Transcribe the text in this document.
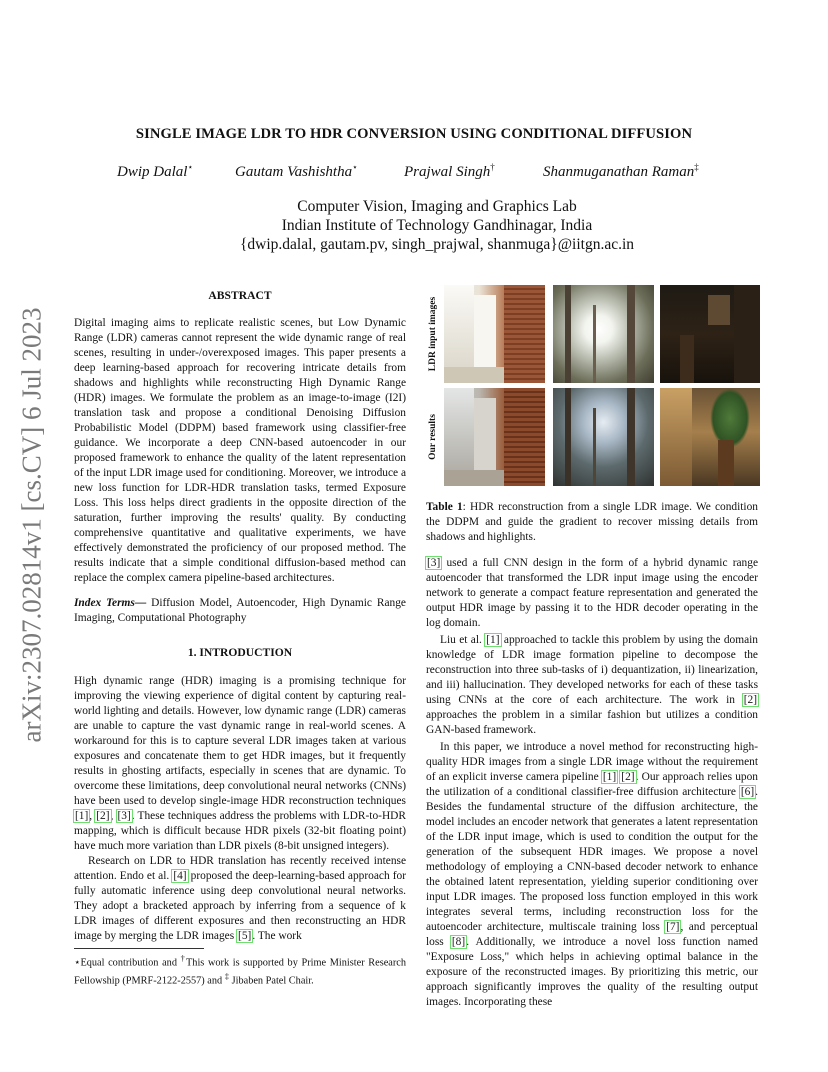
SINGLE IMAGE LDR TO HDR CONVERSION USING CONDITIONAL DIFFUSION
Dwip Dalal⋆	Gautam Vashishtha⋆	Prajwal Singh†	Shanmuganathan Raman‡
Computer Vision, Imaging and Graphics Lab
Indian Institute of Technology Gandhinagar, India
{dwip.dalal, gautam.pv, singh_prajwal, shanmuga}@iitgn.ac.in
arXiv:2307.02814v1 [cs.CV] 6 Jul 2023
ABSTRACT

Digital imaging aims to replicate realistic scenes, but Low Dynamic Range (LDR) cameras cannot represent the wide dynamic range of real scenes, resulting in under-/overexposed images. This paper presents a deep learning-based approach for recovering intricate details from shadows and highlights while reconstructing High Dynamic Range (HDR) images. We formulate the problem as an image-to-image (I2I) translation task and propose a conditional Denoising Diffusion Probabilistic Model (DDPM) based framework using classifier-free guidance. We incorporate a deep CNN-based autoencoder in our proposed framework to enhance the quality of the latent representation of the input LDR image used for conditioning. Moreover, we introduce a new loss function for LDR-HDR translation tasks, termed Exposure Loss. This loss helps direct gradients in the opposite direction of the saturation, further improving the results' quality. By conducting comprehensive quantitative and qualitative experiments, we have effectively demonstrated the proficiency of our proposed method. The results indicate that a simple conditional diffusion-based method can replace the complex camera pipeline-based architectures.

Index Terms— Diffusion Model, Autoencoder, High Dynamic Range Imaging, Computational Photography

1. INTRODUCTION

High dynamic range (HDR) imaging is a promising technique for improving the viewing experience of digital content by capturing real-world lighting and details. However, low dynamic range (LDR) cameras are unable to capture the vast dynamic range in real-world scenes. A workaround for this is to capture several LDR images taken at various exposures and concatenate them to get HDR images, but it frequently results in ghosting artifacts, especially in scenes that are dynamic. To overcome these limitations, deep convolutional neural networks (CNNs) have been used to develop single-image HDR reconstruction techniques [1], [2], [3]. These techniques address the problems with LDR-to-HDR mapping, which is difficult because HDR pixels (32-bit floating point) have much more variation than LDR pixels (8-bit unsigned integers).

Research on LDR to HDR translation has recently received intense attention. Endo et al. [4] proposed the deep-learning-based approach for fully automatic inference using deep convolutional neural networks. They adopt a bracketed approach by inferring from a sequence of k LDR images of different exposures and then reconstructing an HDR image by merging the LDR images [5]. The work

⋆Equal contribution and †This work is supported by Prime Minister Research Fellowship (PMRF-2122-2557) and ‡ Jibaben Patel Chair.
LDR input images
Our results
Table 1: HDR reconstruction from a single LDR image. We condition the DDPM and guide the gradient to recover missing details from shadows and highlights.

[3] used a full CNN design in the form of a hybrid dynamic range autoencoder that transformed the LDR input image using the encoder network to generate a compact feature representation and generated the output HDR image by passing it to the HDR decoder operating in the log domain.

Liu et al. [1] approached to tackle this problem by using the domain knowledge of LDR image formation pipeline to decompose the reconstruction into three sub-tasks of i) dequantization, ii) linearization, and iii) hallucination. They developed networks for each of these tasks using CNNs at the core of each architecture. The work in [2] approaches the problem in a similar fashion but utilizes a condition GAN-based framework.

In this paper, we introduce a novel method for reconstructing high-quality HDR images from a single LDR image without the requirement of an explicit inverse camera pipeline [1] [2]. Our approach relies upon the utilization of a conditional classifier-free diffusion architecture [6]. Besides the fundamental structure of the diffusion architecture, the model includes an encoder network that generates a latent representation of the LDR input image, which is used to condition the output for the generation of the subsequent HDR images. We propose a novel methodology of employing a CNN-based decoder network to enhance the obtained latent representation, yielding superior conditioning over input LDR images. The proposed loss function employed in this work integrates several terms, including reconstruction loss for the autoencoder architecture, multiscale training loss [7], and perceptual loss [8]. Additionally, we introduce a novel loss function named "Exposure Loss," which helps in achieving optimal balance in the exposure of the reconstructed images. By prioritizing this metric, our approach significantly improves the quality of the resulting output images. Incorporating these
